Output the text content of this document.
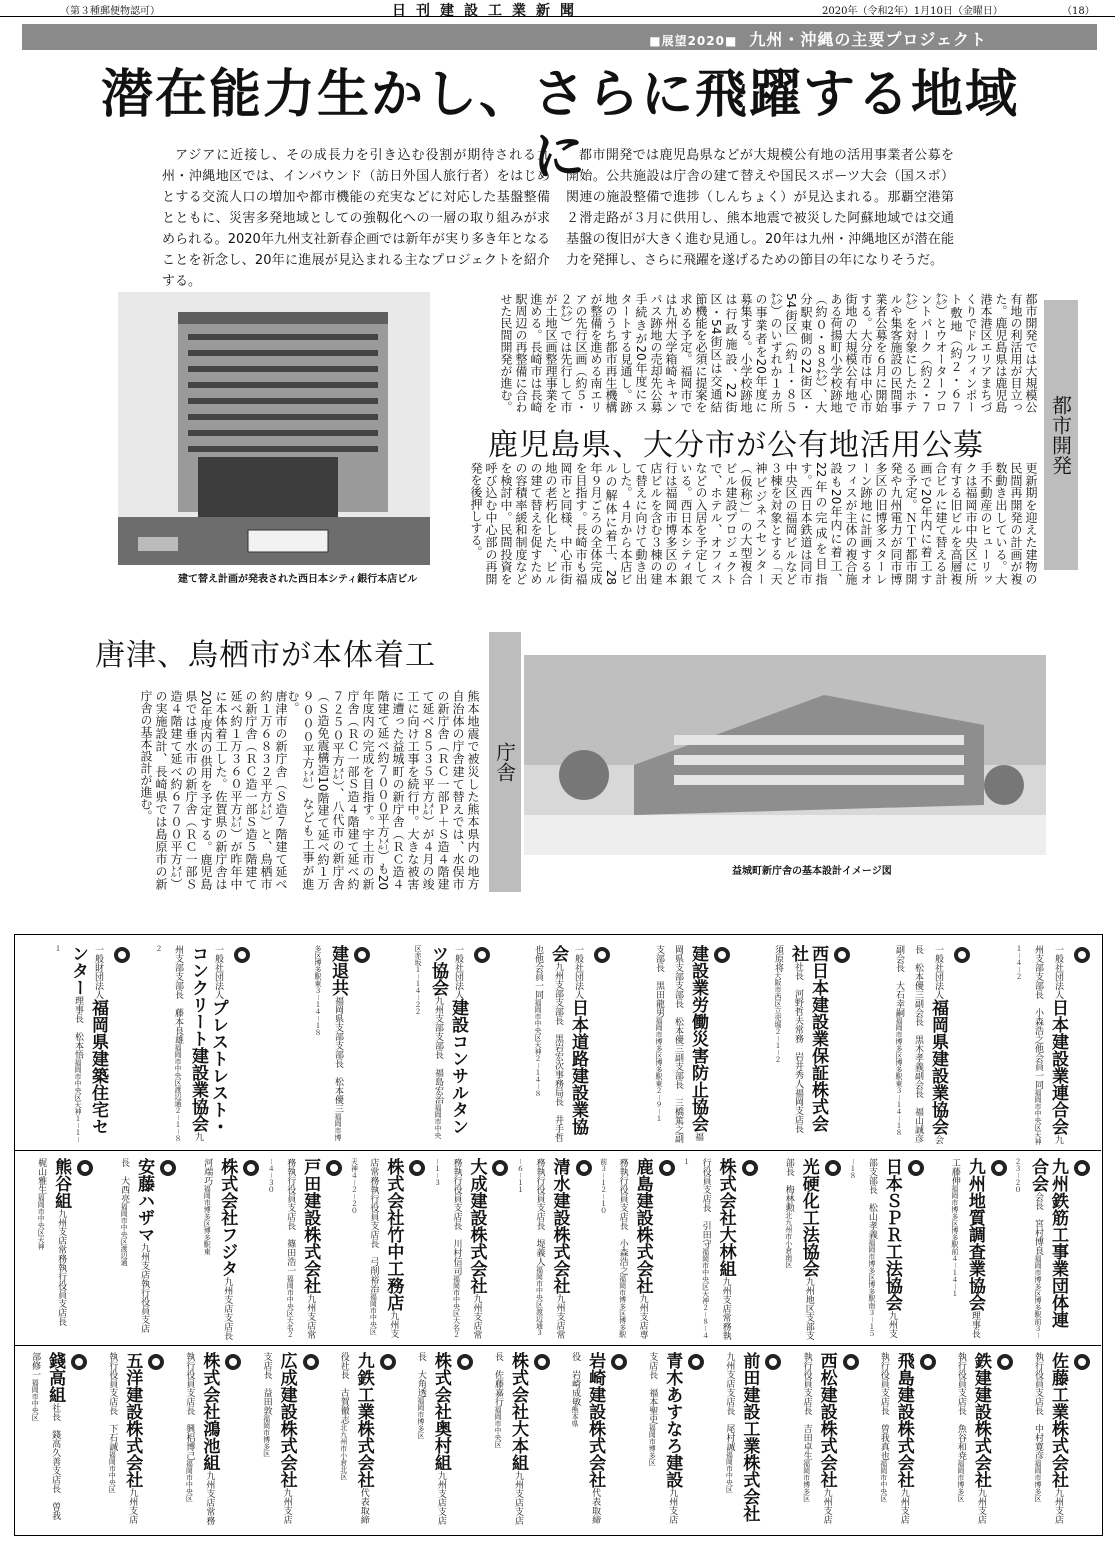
（第３種郵便物認可）	日刊建設工業新聞	2020年（令和2年）1月10日（金曜日）	（18）
■展望2020■ 九州・沖縄の主要プロジェクト
潜在能力生かし、さらに飛躍する地域に
アジアに近接し、その成長力を引き込む役割が期待される九州・沖縄地区では、インバウンド（訪日外国人旅行者）をはじめとする交流人口の増加や都市機能の充実などに対応した基盤整備とともに、災害多発地域としての強靱化への一層の取り組みが求められる。2020年九州支社新春企画では新年が実り多き年となることを祈念し、20年に進展が見込まれる主なプロジェクトを紹介する。
都市開発では鹿児島県などが大規模公有地の活用事業者公募を開始。公共施設は庁舎の建て替えや国民スポーツ大会（国スポ）関連の施設整備で進捗（しんちょく）が見込まれる。那覇空港第２滑走路が３月に供用し、熊本地震で被災した阿蘇地域では交通基盤の復旧が大きく進む見通し。20年は九州・沖縄地区が潜在能力を発揮し、さらに飛躍を遂げるための節目の年になりそうだ。
建て替え計画が発表された西日本シティ銀行本店ビル
都市開発

都市開発では大規模公有地の利活用が目立った。鹿児島県は鹿児島港本港区エリアまちづくりでドルフィンポート敷地（約２・６７㌶）とウオーターフロントパーク（約２・７㌶）を対象にしたホテルや集客施設の民間事業者公募を６月に開始する。大分市は中心市街地の大規模公有地である荷揚町小学校跡地（約０・８８㌶）、大分駅東側の22街区・54街区（約１・８５㌶）のいずれか１カ所の事業者を20年度に募集する。小学校跡地は行政施設、22街区・54街区は交通結節機能を必須に提案を求める予定。福岡市では九州大学箱崎キャンパス跡地の売却先公募手続きが20年度にスタートする見通し。跡地のうち都市再生機構が整備を進める南エリアの先行区画（約５・２㌶）では先行して市が土地区画整理事業を進める。長崎市は長崎駅周辺の再整備に合わせた民間開発が進む。

鹿児島県、大分市が公有地活用公募

更新期を迎えた建物の民間再開発の計画が複数動き出している。大手不動産のヒューリックは福岡市中央区に所有する旧ビルを高層複合ビルに建て替える計画で20年内に着工する予定。ＮＴＴ都市開発や九州電力が同市博多区の旧博多スターレーン跡地に計画するオフィスが主体の複合施設も20年内に着工、22年の完成を目指す。西日本鉄道は同市中央区の福岡ビルなど３棟を対象とする「天神ビジネスセンター（仮称）」の大型複合ビル建設プロジェクトで、ホテル、オフィスなどの入居を予定している。西日本シティ銀行は福岡市博多区の本店ビルを含む３棟の建て替えに向けて動き出した。４月から本店ビルの解体に着工、28年９月ごろの全体完成を目指す。長崎市も福岡市と同様、中心市街地の老朽化した、ビルの建て替えを促すための容積率緩和制度などを検討中。民間投資を呼び込む中心部の再開発を後押しする。

唐津、鳥栖市が本体着工
庁舎

唐津市の新庁舎（Ｓ造７階建て延べ約１万６８３２平方㍍）と、鳥栖市の新庁舎（ＲＣ造一部Ｓ造５階建て延べ約１万３６０平方㍍）が昨年中に本体着工した。佐賀県の新庁舎は20年度内の供用を予定する。鹿児島県では垂水市の新庁舎（ＲＣ一部Ｓ造４階建て延べ約６７００平方㍍）の実施設計、長崎県では島原市の新庁舎の基本設計が進む。	熊本地震で被災した熊本県内の地方自治体の庁舎建て替えでは、水俣市の新庁舎（ＲＣ一部Ｐ＋Ｓ造４階建て延べ８５３５平方㍍）が４月の竣工に向け工事を続行中。大きな被害に遭った益城町の新庁舎（ＲＣ造４階建て延べ約７０００平方㍍）も20年度内の完成を目指す。宇土市の新庁舎（ＲＣ一部Ｓ造４階建て延べ約７２５０平方㍍）、八代市の新庁舎（Ｓ造免震構造10階建て延べ約１万９０００平方㍍）なども工事が進む。

益城町新庁舎の基本設計イメージ図
一般社団法人日本建設業連合会九州支部支部長　小森浩之他会員一同福岡市中央区天神１－４－２
一般社団法人福岡県建設業協会会長　松本優三副会長　黒木孝義副会長　福山誠彦副会長　大石幸嗣福岡市博多区博多駅東３－１４－１８
西日本建設業保証株式会社社長　河野哲夫常務　岩井秀人福岡支店長　須原将大阪市西区立売堀２－１－２
建設業労働災害防止協会福岡県支部支部長　松本優三副支部長　三橋篤之副支部長　黒田龍男福岡市博多区博多駅東２－９－１
一般社団法人日本道路建設業協会九州支部支部長　黒岩宏次事務局長　井手哲也他会員一同福岡市中央区天神２－１４－８
一般社団法人建設コンサルタンツ協会九州支部支部長　福島宏治福岡市中央区赤坂１－１４－２２
建退共福岡県支部支部長　松本優三福岡市博多区博多駅東３－１４－１８
一般社団法人プレストレスト・コンクリート建設業協会九州支部支部長　藤本良雄福岡市中央区渡辺通２－１－８２
一般財団法人福岡県建築住宅センター理事長　松本悟福岡市中央区天神１－１－１
九州鉄筋工事業団体連合会会長　宮村博良福岡市博多区博多駅前３－２３－２０
九州地質調査業協会理事長　工藤伸福岡市博多区博多駅前４－１４－１
日本ＳＰＲ工法協会九州支部支部長　松山孝義福岡市博多区博多駅南３－１５－１８
光硬化工法協会九州地区支部支部長　梅林勲北九州市小倉南区
株式会社大林組九州支店常務執行役員支店長　引田守福岡市中央区天神２－８－４１
鹿島建設株式会社九州支店専務執行役員支店長　小森浩之福岡市博多区博多駅前３－１２－１０
清水建設株式会社九州支店常務執行役員支店長　堤義人福岡市中央区渡辺通３－６－１１
大成建設株式会社九州支店常務執行役員支店長　川村信司福岡市中央区大名２－１－３
株式会社竹中工務店九州支店常務執行役員支店長　弓削裕治福岡市中央区天神４－２－２０
戸田建設株式会社九州支店常務執行役員支店長　篠田浩一福岡市中央区大名２－４－３０
株式会社フジタ九州支店支店長　河端巧福岡市博多区博多駅東
安藤ハザマ九州支店執行役員支店長　大西亮福岡市中央区渡辺通
熊谷組九州支店常務執行役員支店長　梶山雅生福岡市中央区天神
佐藤工業株式会社九州支店執行役員支店長　中村寛彦福岡市博多区
鉄建建設株式会社九州支店執行役員支店長　魚谷和尭福岡市博多区
飛島建設株式会社九州支店執行役員支店長　曽我真也福岡市中央区
西松建設株式会社九州支店執行役員支店長　吉田卓生福岡市博多区
前田建設工業株式会社九州支店支店長　尾村誠福岡市中央区
青木あすなろ建設九州支店支店長　福本聖史福岡市博多区
岩崎建設株式会社代表取締役　岩崎成敏熊本県
株式会社大本組九州支店支店長　佐藤嘉行福岡市中央区
株式会社奥村組九州支店支店長　大角透福岡市博多区
九鉄工業株式会社代表取締役社長　古賀徹志北九州市小倉北区
広成建設株式会社九州支店支店長　益田敦福岡市博多区
株式会社鴻池組九州支店常務執行役員支店長　興梠博己福岡市中央区
五洋建設株式会社九州支店執行役員支店長　下石誠福岡市中央区
錢高組社長　錢高久善支店長　曽我部修一福岡市中央区
